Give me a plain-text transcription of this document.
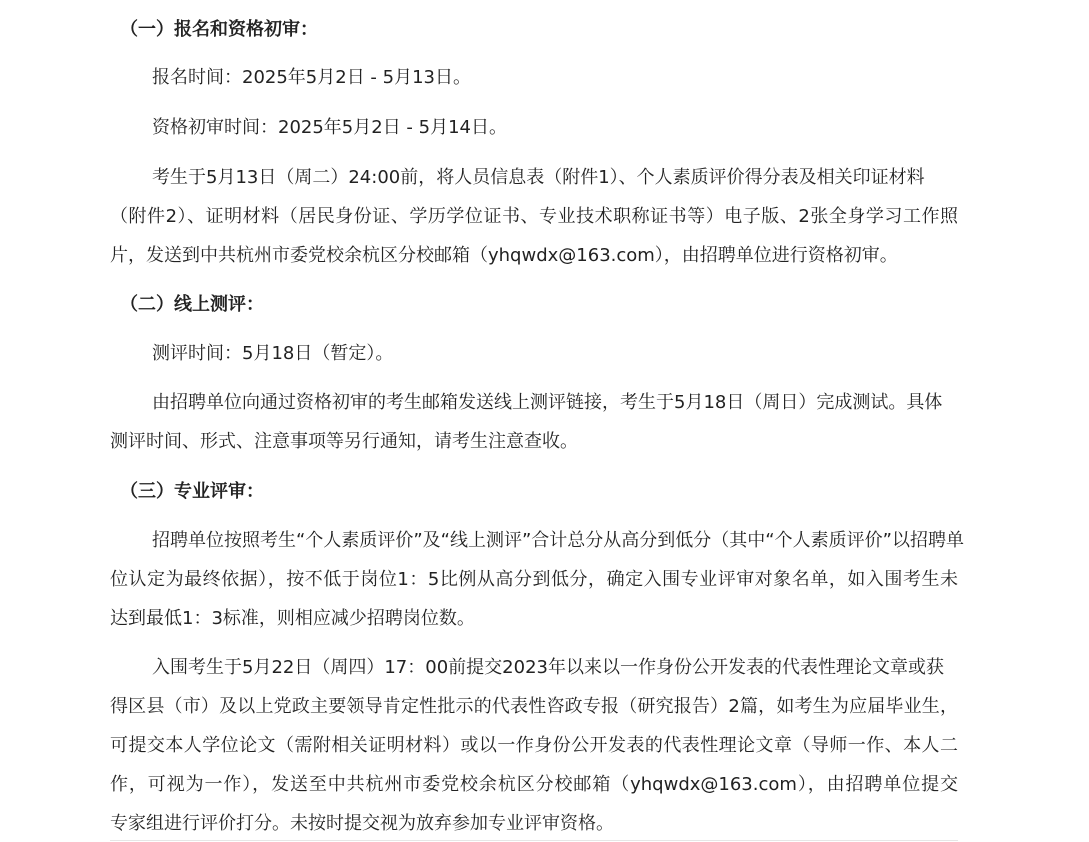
（一）报名和资格初审：
报名时间：2025年5月2日 - 5月13日。
资格初审时间：2025年5月2日 - 5月14日。
考生于5月13日（周二）24:00前，将人员信息表（附件1）、个人素质评价得分表及相关印证材料
（附件2）、证明材料（居民身份证、学历学位证书、专业技术职称证书等）电子版、2张全身学习工作照
片，发送到中共杭州市委党校余杭区分校邮箱（yhqwdx@163.com），由招聘单位进行资格初审。
（二）线上测评：
测评时间：5月18日（暂定）。
由招聘单位向通过资格初审的考生邮箱发送线上测评链接，考生于5月18日（周日）完成测试。具体
测评时间、形式、注意事项等另行通知，请考生注意查收。
（三）专业评审：
招聘单位按照考生“个人素质评价”及“线上测评”合计总分从高分到低分（其中“个人素质评价”以招聘单
位认定为最终依据），按不低于岗位1：5比例从高分到低分，确定入围专业评审对象名单，如入围考生未
达到最低1：3标准，则相应减少招聘岗位数。
入围考生于5月22日（周四）17：00前提交2023年以来以一作身份公开发表的代表性理论文章或获
得区县（市）及以上党政主要领导肯定性批示的代表性咨政专报（研究报告）2篇，如考生为应届毕业生，
可提交本人学位论文（需附相关证明材料）或以一作身份公开发表的代表性理论文章（导师一作、本人二
作，可视为一作），发送至中共杭州市委党校余杭区分校邮箱（yhqwdx@163.com），由招聘单位提交
专家组进行评价打分。未按时提交视为放弃参加专业评审资格。
